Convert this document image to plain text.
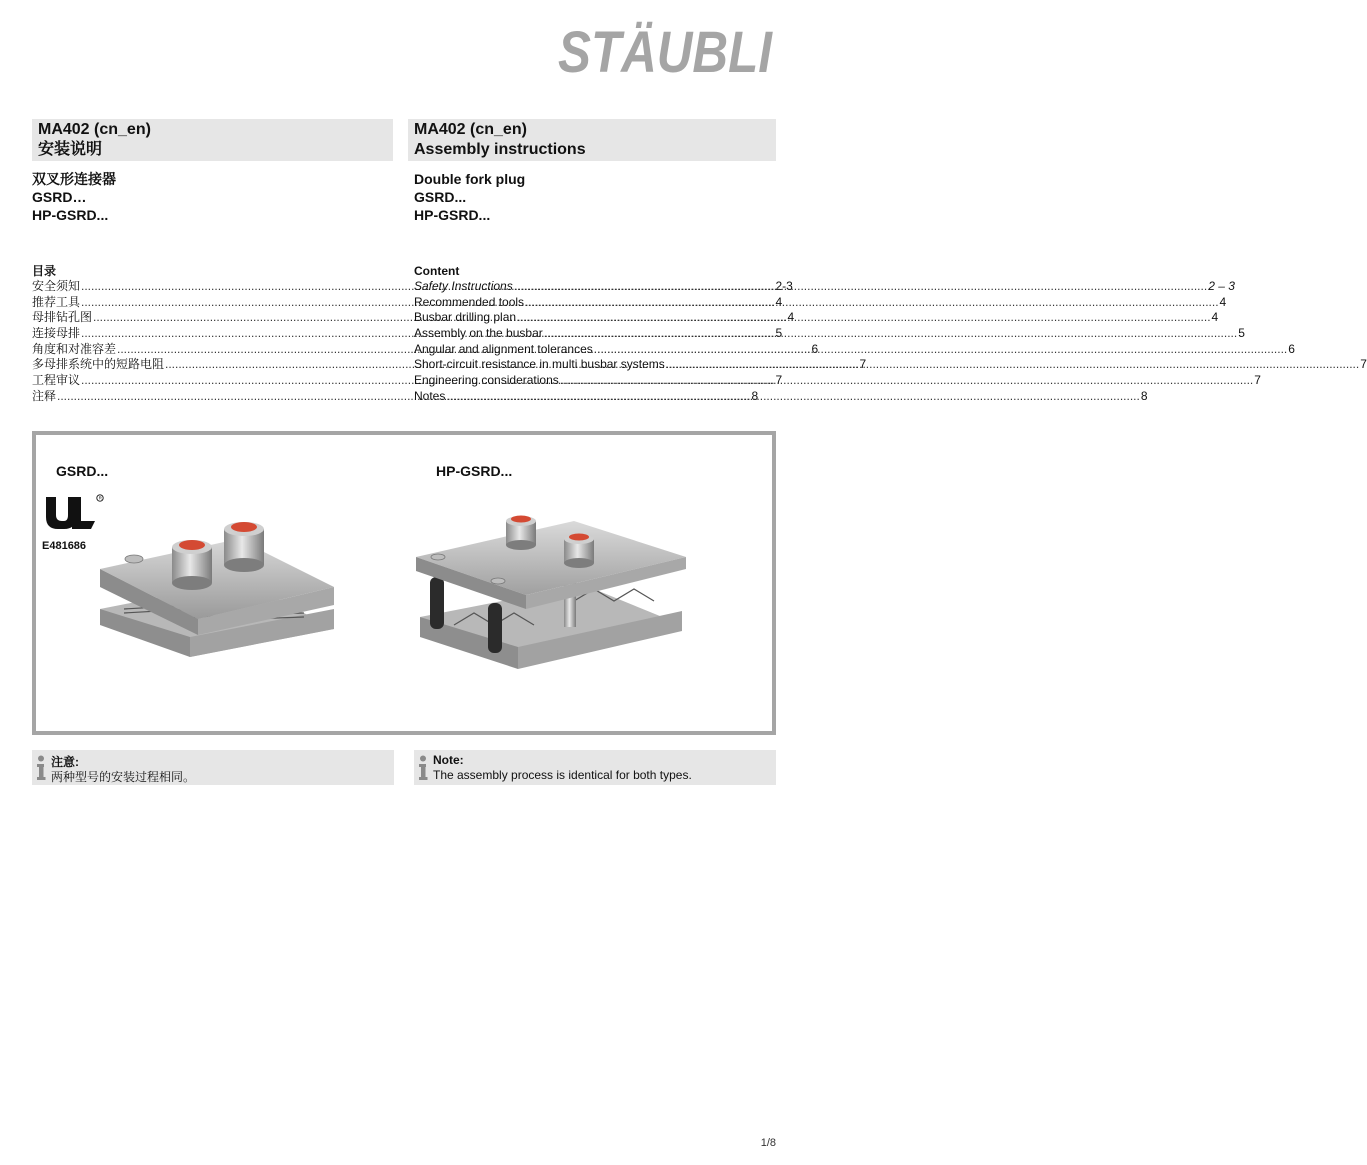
STÄUBLI
MA402 (cn_en)
安装说明
MA402 (cn_en)
Assembly instructions
双叉形连接器
GSRD…
HP-GSRD...
Double fork plug
GSRD...
HP-GSRD...
目录
安全须知 .....	2-3
推荐工具 .....	4
母排钻孔图 .....	4
连接母排 .....	5
角度和对准容差 .....	6
多母排系统中的短路电阻 .....	7
工程审议 .....	7
注释 .....	8
Content
Safety Instructions .....	2 – 3
Recommended tools .....	4
Busbar drilling plan .....	4
Assembly on the busbar .....	5
Angular and alignment tolerances .....	6
Short-circuit resistance in multi busbar systems .....	7
Engineering considerations .....	7
Notes .....	8
GSRD...	HP-GSRD...
R
E481686
注意:
两种型号的安装过程相同。
Note:
The assembly process is identical for both types.
1/8
